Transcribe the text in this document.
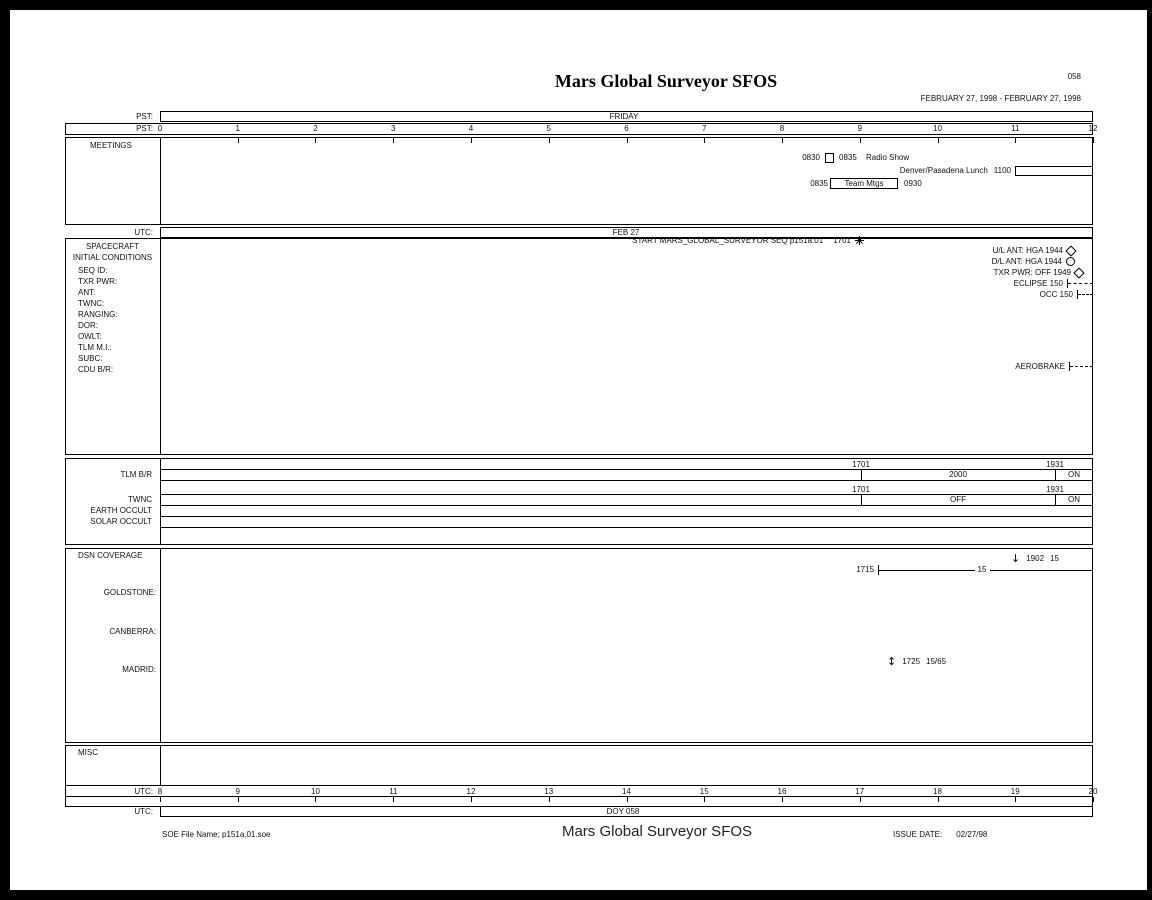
Mars Global Surveyor SFOS	058
FEBRUARY 27, 1998 - FEBRUARY 27, 1998
PST:	FRIDAY
PST: 0	1	2	3	4	5	6	7	8	9	10	11	12
MEETINGS
0830 0835 Radio Show
Denver/Pasadena Lunch 1100
0835	Team Mtgs	0930
UTC:	FEB 27
SPACECRAFT
INITIAL CONDITIONS
SEQ ID:
TXR PWR:
ANT:
TWNC:
RANGING:
DOR:
OWLT:
TLM M.I.:
SUBC:
CDU B/R:
START MARS_GLOBAL_SURVEYOR SEQ p151a.01 1701
U/L ANT: HGA 1944
D/L ANT: HGA 1944
TXR PWR: OFF 1949
ECLIPSE 150
OCC 150
AEROBRAKE
TLM B/R
1701	1931
2000	ON
TWNC
1701	1931
OFF	ON
EARTH OCCULT
SOLAR OCCULT
DSN COVERAGE	↓ 1902 15
1715	15
GOLDSTONE:
CANBERRA:
MADRID:
↕ 1725 15/65
MISC
UTC: 8	9	10	11	12	13	14	15	16	17	18	19	20
UTC:	DOY 058
SOE File Name; p151a.01.soe	Mars Global Surveyor SFOS	ISSUE DATE: 02/27/98
